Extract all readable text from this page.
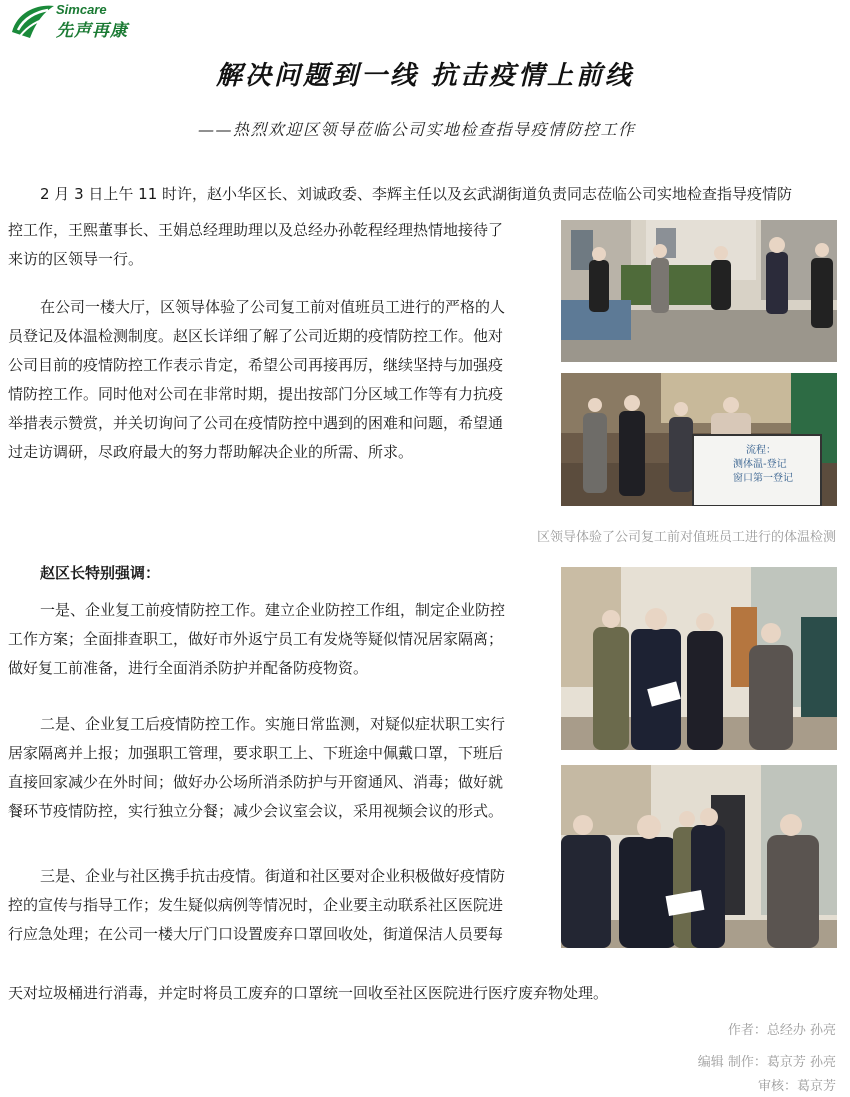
Simcare
先声再康
解决问题到一线 抗击疫情上前线
——热烈欢迎区领导莅临公司实地检查指导疫情防控工作

2 月 3 日上午 11 时许，赵小华区长、刘诚政委、李辉主任以及玄武湖街道负责同志莅临公司实地检查指导疫情防

控工作，王熙董事长、王娟总经理助理以及总经办孙乾程经理热情地接待了

来访的区领导一行。

在公司一楼大厅，区领导体验了公司复工前对值班员工进行的严格的人

员登记及体温检测制度。赵区长详细了解了公司近期的疫情防控工作。他对

公司目前的疫情防控工作表示肯定，希望公司再接再厉，继续坚持与加强疫

情防控工作。同时他对公司在非常时期，提出按部门分区域工作等有力抗疫

举措表示赞赏，并关切询问了公司在疫情防控中遇到的困难和问题，希望通

过走访调研，尽政府最大的努力帮助解决企业的所需、所求。	流程：
测体温-登记
窗口第一登记
区领导体验了公司复工前对值班员工进行的体温检测
赵区长特别强调：

一是、企业复工前疫情防控工作。建立企业防控工作组，制定企业防控

工作方案；全面排查职工，做好市外返宁员工有发烧等疑似情况居家隔离；

做好复工前准备，进行全面消杀防护并配备防疫物资。

二是、企业复工后疫情防控工作。实施日常监测，对疑似症状职工实行

居家隔离并上报；加强职工管理，要求职工上、下班途中佩戴口罩，下班后

直接回家减少在外时间；做好办公场所消杀防护与开窗通风、消毒；做好就

餐环节疫情防控，实行独立分餐；减少会议室会议，采用视频会议的形式。

三是、企业与社区携手抗击疫情。街道和社区要对企业积极做好疫情防

控的宣传与指导工作；发生疑似病例等情况时，企业要主动联系社区医院进

行应急处理；在公司一楼大厅门口设置废弃口罩回收处，街道保洁人员要每

天对垃圾桶进行消毒，并定时将员工废弃的口罩统一回收至社区医院进行医疗废弃物处理。

作者：总经办 孙亮
编辑 制作：葛京芳 孙亮
审核：葛京芳
